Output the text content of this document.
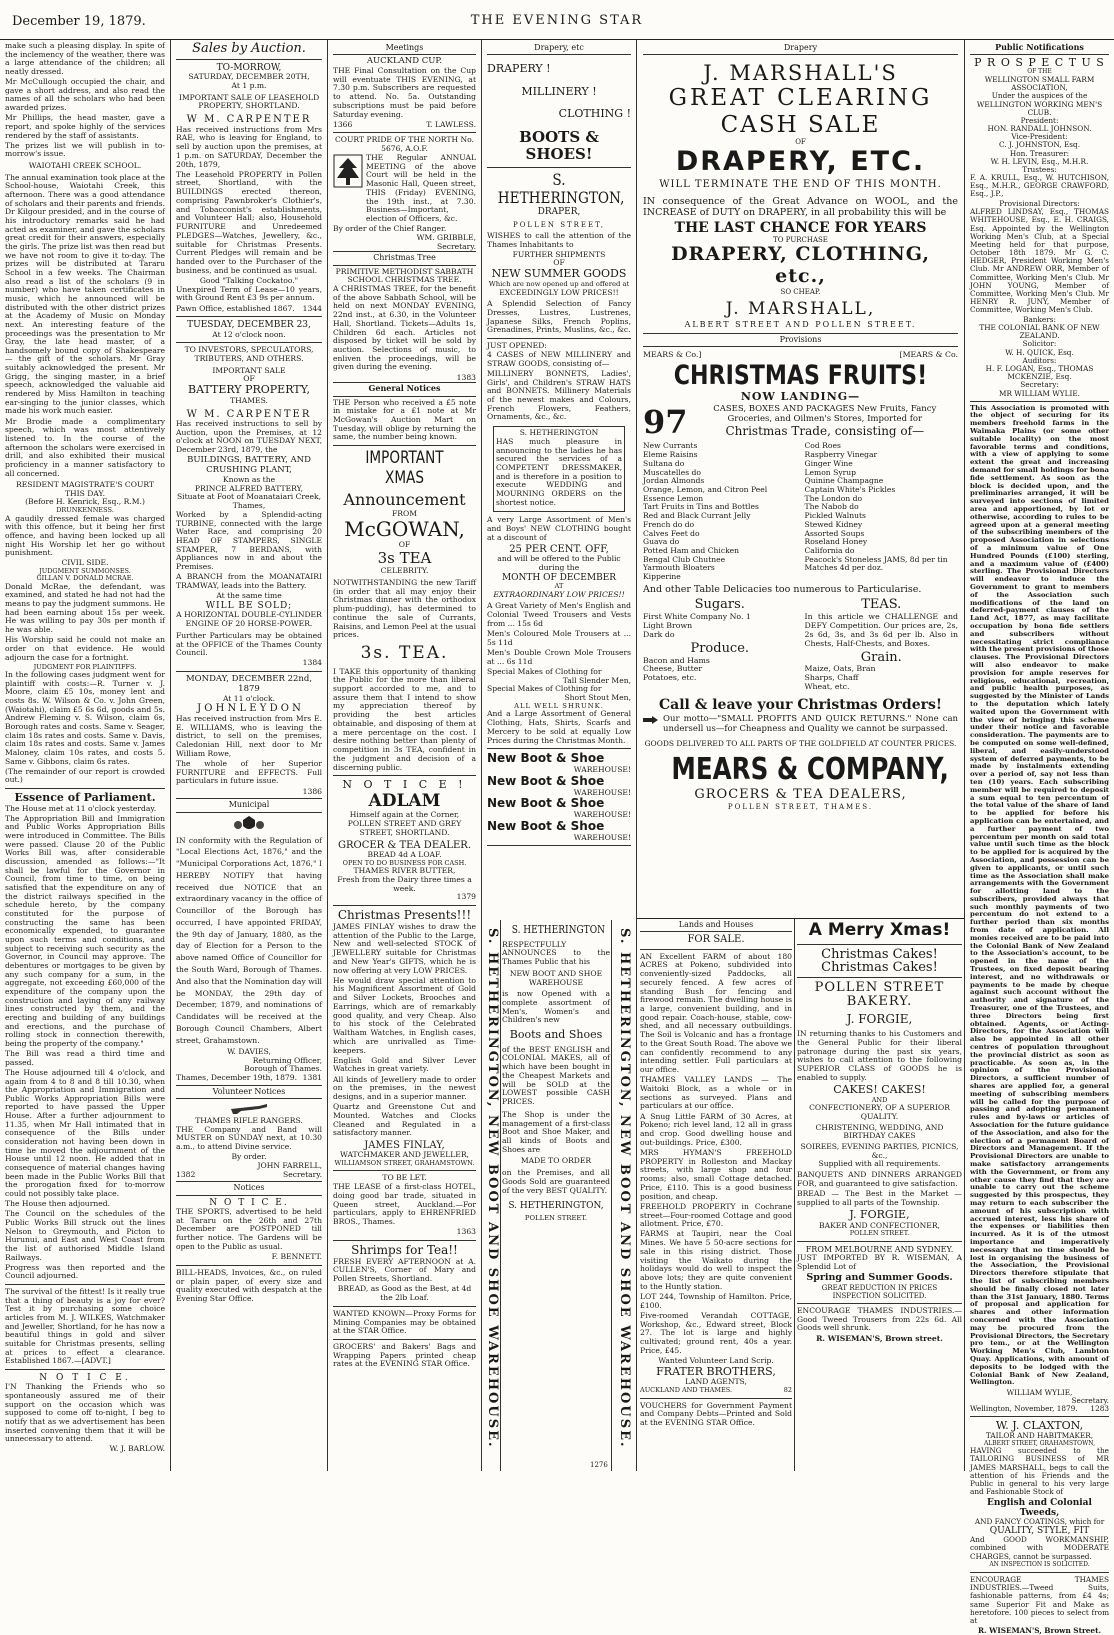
December 19, 1879.	THE EVENING STAR

make such a pleasing display. In spite of the inclemency of the weather, there was a large attendance of the children; all neatly dressed.

Mr McCullough occupied the chair, and gave a short address, and also read the names of all the scholars who had been awarded prizes.

Mr Phillips, the head master, gave a report, and spoke highly of the services rendered by the staff of assistants.

The prizes list we will publish in to-morrow's issue.

WAIOTAHI CREEK SCHOOL.

The annual examination took place at the School-house, Waiotahi Creek, this afternoon. There was a good attendance of scholars and their parents and friends. Dr Kilgour presided, and in the course of his introductory remarks said he had acted as examiner, and gave the scholars great credit for their answers, especially the girls. The prize list was then read but we have not room to give it to-day. The prizes will be distributed at Tararu School in a few weeks. The Chairman also read a list of the scholars (9 in number) who have taken certificates in music, which he announced will be distributed with the other district prizes at the Academy of Music on Monday next. An interesting feature of the proceedings was the presentation to Mr Gray, the late head master, of a handsomely bound copy of Shakespeare — the gift of the scholars. Mr Gray suitably acknowledged the present. Mr Grigg, the singing master, in a brief speech, acknowledged the valuable aid rendered by Miss Hamilton in teaching ear-singing to the junior classes, which made his work much easier.

Mr Brodie made a complimentary speech, which was most attentively listened to. In the course of the afternoon the scholars were exercised in drill, and also exhibited their musical proficiency in a manner satisfactory to all concerned.

RESIDENT MAGISTRATE'S COURT
THIS DAY.
(Before H. Kenrick, Esq., R.M.)
DRUNKENNESS.

A gaudily dressed female was charged with this offence, but it being her first offence, and having been locked up all night His Worship let her go without punishment.

CIVIL SIDE.
JUDGMENT SUMMONSES.
GILLAN V. DONALD MCRAE.

Donald McRae, the defendant, was examined, and stated he had not had the means to pay the judgment summons. He had been earning about 15s per week. He was willing to pay 30s per month if he was able.

His Worship said he could not make an order on that evidence. He would adjourn the case for a fortnight.

JUDGMENT FOR PLAINTIFFS.

In the following cases judgment went for plaintiff with costs:—R. Turner v. J. Moore, claim £5 10s, money lent and costs 8s. W. Wilson & Co. v. John Green, (Waiotahi), claim £5 6s 6d, goods and 5s. Andrew Fleming v. S. Wilson, claim 6s, Borough rates and costs. Same v. Seager, claim 18s rates and costs. Same v. Davis, claim 18s rates and costs. Same v. James Maloney, claim 10s rates, and costs 5. Same v. Gibbons, claim 6s rates.

(The remainder of our report is crowded out.)

Essence of Parliament.

The House met at 11 o'clock yesterday.

The Appropriation Bill and Immigration and Public Works Appropriation Bills were introduced in Committee. The Bills were passed. Clause 20 of the Public Works Bill was, after considerable discussion, amended as follows:—"It shall be lawful for the Governor in Council, from time to time, on being satisfied that the expenditure on any of the district railways specified in the schedule hereto, by the company constituted for the purpose of constructing the same has been economically expended, to guarantee upon such terms and conditions, and subject to receiving such security as the Governor, in Council may approve. The debentures or mortgages to be given by any such company for a sum, in the aggregate, not exceeding £60,000 of the expenditure of the company upon the construction and laying of any railway lines constructed by them, and the erecting and building of any buildings and erections, and the purchase of rolling stock in connection therewith, being the property of the company."

The Bill was read a third time and passed.

The House adjourned till 4 o'clock, and again from 4 to 8 and 8 till 10.30, when the Appropriation and Immigration and Public Works Appropriation Bills were reported to have passed the Upper House. After a further adjournment to 11.35, when Mr Hall intimated that in consequence of the Bills under consideration not having been down in time he moved the adjournment of the House until 12 noon. He added that in consequence of material changes having been made in the Public Works Bill that the prorogation fixed for to-morrow could not possibly take place.

The House then adjourned.

The Council on the schedules of the Public Works Bill struck out the lines Nelson to Greymouth, and Picton to Hurunui, and East and West Coast from the list of authorised Middle Island Railways.

Progress was then reported and the Council adjourned.

The survival of the fittest! Is it really true that a thing of beauty is a joy for ever? Test it by purchasing some choice articles from M. J. WILKES, Watchmaker and Jeweller, Shortland, for he has now a beautiful things in gold and silver suitable for Christmas presents, selling at prices to effect a clearance. Established 1867.—[ADVT.]

N O T I C E.

I'N Thanking the Friends who so spontaneously assured me of their support on the occasion which was supposed to come off to-night, I beg to notify that as we advertisement has been inserted convening them that it will be unnecessary to attend.

W. J. BARLOW.
Sales by Auction.
TO-MORROW,
SATURDAY, DECEMBER 20TH,
At 1 p.m.
IMPORTANT SALE OF LEASEHOLD PROPERTY, SHORTLAND.
W M. CARPENTER

Has received instructions from Mrs RAE, who is leaving for England, to sell by auction upon the premises, at 1 p.m. on SATURDAY, December the 20th, 1879,

The Leasehold PROPERTY in Pollen street, Shortland, with the BUILDINGS erected thereon, comprising Pawnbroker's Clothier's, and Tobacconist's establishments, and Volunteer Hall; also, Household FURNITURE and Unredeemed PLEDGES—Watches, Jewellery, &c., suitable for Christmas Presents. Current Pledges will remain and be handed over to the Purchaser of the business, and be continued as usual.

Good "Talking Cockatoo."

Unexpired Term of Lease—10 years, with Ground Rent £3 9s per annum.

Pawn Office, established 1867. 1344
TUESDAY, DECEMBER 23,
At 12 o'clock noon.
TO INVESTORS, SPECULATORS, TRIBUTERS, AND OTHERS.
IMPORTANT SALE
OF
BATTERY PROPERTY,
THAMES.
W M. CARPENTER

Has received instructions to sell by Auction, upon the Premises, at 12 o'clock at NOON on TUESDAY NEXT, December 23rd, 1879, the

BUILDINGS, BATTERY, AND CRUSHING PLANT,
Known as the
PRINCE ALFRED BATTERY,
Situate at Foot of Moanataiari Creek, Thames,

Worked by a Splendid-acting TURBINE, connected with the large Water Race, and comprising 20 HEAD OF STAMPERS, SINGLE STAMPER, 7 BERDANS, with Appliances now in and about the Premises.

A BRANCH from the MOANATAIRI TRAMWAY, leads into the Battery.

At the same time
WILL BE SOLD;
A HORIZONTAL DOUBLE-CYLINDER ENGINE OF 20 HORSE-POWER.

Further Particulars may be obtained at the OFFICE of the Thames County Council.

1384
MONDAY, DECEMBER 22nd, 1879
At 11 o'clock.
J O H N L E Y D O N

Has received instruction from Mrs E. E. WILLIAMS, who is leaving the district, to sell on the premises, Caledonian Hill, next door to Mr William Rowe,

The whole of her Superior FURNITURE and EFFECTS. Full particulars in future issue.

1386
Municipal

IN conformity with the Regulation of "Local Elections Act, 1876," and the "Municipal Corporations Act, 1876," I HEREBY NOTIFY that having received due NOTICE that an extraordinary vacancy in the office of Councillor of the Borough has occurred, I have appointed FRIDAY, the 9th day of January, 1880, as the day of Election for a Person to the above named Office of Councillor for the South Ward, Borough of Thames. And also that the Nomination day will be MONDAY, the 29th day of December, 1879, and nominations of Candidates will be received at the Borough Council Chambers, Albert street, Grahamstown.

W. DAVIES,
Returning Officer,
Borough of Thames.
Thames, December 19th, 1879. 1381
Volunteer Notices
THAMES RIFLE RANGERS.

THE Company and Band will MUSTER on SUNDAY next, at 10.30 a.m., to attend Divine service.

By order.
JOHN FARRELL,
1382	Secretary.
Notices
N O T I C E.

THE SPORTS, advertised to be held at Tararu on the 26th and 27th December are POSTPONED till further notice. The Gardens will be open to the Public as usual.

F. BENNETT.

BILL-HEADS, Invoices, &c., on ruled or plain paper, of every size and quality executed with despatch at the Evening Star Office.

Meetings
AUCKLAND CUP.

THE Final Consultation on the Cup will eventuate THIS EVENING, at 7.30 p.m. Subscribers are requested to attend. No. 5a. Outstanding subscriptions must be paid before Saturday evening.

1366	T. LAWLESS.
COURT PRIDE OF THE NORTH No. 5676, A.O.F.

THE Regular ANNUAL MEETING of the above Court will be held in the Masonic Hall, Queen street, THIS (Friday) EVENING, the 19th inst., at 7.30. Business—Important, election of Officers, &c.

By order of the Chief Ranger.
WM. GRIBBLE,
Secretary.
Christmas Tree
PRIMITIVE METHODIST SABBATH SCHOOL CHRISTMAS TREE.

A CHRISTMAS TREE, for the benefit of the above Sabbath School, will be held on next MONDAY EVENING, 22nd inst., at 6.30, in the Volunteer Hall, Shortland. Tickets—Adults 1s, Children 6d each. Articles not disposed by ticket will be sold by auction. Selections of music, to enliven the proceedings, will be given during the evening.

1383
General Notices

THE Person who received a £5 note in mistake for a £1 note at Mr McGowan's Auction Mart on Tuesday, will oblige by returning the same, the number being known.

IMPORTANT XMAS
Announcement
FROM
McGOWAN,
OF
3s TEA
CELEBRITY.

NOTWITHSTANDING the new Tariff (in order that all may enjoy their Christmas dinner with the orthodox plum-pudding), has determined to continue the sale of Currants, Raisins, and Lemon Peel at the usual prices.

3s. TEA.

I TAKE this opportunity of thanking the Public for the more than liberal support accorded to me, and to assure them that I intend to show my appreciation thereof by providing the best articles obtainable, and disposing of them at a mere percentage on the cost. I desire nothing better than plenty of competition in 3s TEA, confident in the judgment and decision of a discerning public.

N O T I C E !
ADLAM
Himself again at the Corner, POLLEN STREET AND GREY STREET, SHORTLAND.
GROCER & TEA DEALER.
BREAD 4d A LOAF.
OPEN TO DO BUSINESS FOR CASH.
THAMES RIVER BUTTER,
Fresh from the Dairy three times a week.
1379
Christmas Presents!!!

JAMES FINLAY wishes to draw the attention of the Public to the Large, New and well-selected STOCK of JEWELLERY suitable for Christmas and New Year's GIFTS, which he is now offering at very LOW PRICES.

He would draw special attention to his Magnificent Assortment of Gold and Silver Lockets, Brooches and Earrings, which are of remarkably good quality, and very Cheap. Also to his stock of the Celebrated Waltham Watches, in English cases, which are unrivalled as Time-keepers.

English Gold and Silver Lever Watches in great variety.

All kinds of Jewellery made to order on the premises, in the newest designs, and in a superior manner.

Quartz and Greenstone Cut and Mounted. Watches and Clocks Cleaned and Regulated in a satisfactory manner.

JAMES FINLAY,
WATCHMAKER AND JEWELLER,
WILLIAMSON STREET, GRAHAMSTOWN.
TO BE LET.

THE LEASE of a first-class HOTEL, doing good bar trade, situated in Queen street, Auckland.—For particulars, apply to EHRENFRIED BROS., Thames.

1363
Shrimps for Tea!!

FRESH EVERY AFTERNOON at A. CULLEN'S, Corner of Mary and Pollen Streets, Shortland.

BREAD, as Good as the Best, at 4d the 2lb Loaf.

WANTED KNOWN—Proxy Forms for Mining Companies may be obtained at the STAR Office.

GROCERS' and Bakers' Bags and Wrapping Papers printed cheap rates at the EVENING STAR Office.

Drapery, etc
DRAPERY !
MILLINERY !
CLOTHING !
BOOTS & SHOES!
S. HETHERINGTON,
DRAPER,
POLLEN STREET,

WISHES to call the attention of the Thames Inhabitants to

FURTHER SHIPMENTS
OF
NEW SUMMER GOODS
Which are now opened up and offered at
EXCEEDINGLY LOW PRICES!!

A Splendid Selection of Fancy Dresses, Lustres, Lustrenes, Japanese Silks, French Poplins, Grenadines, Prints, Muslins, &c., &c.

JUST OPENED:

4 CASES of NEW MILLINERY and STRAW GOODS, consisting of—

MILLINERY BONNETS, Ladies', Girls', and Children's STRAW HATS and BONNETS. Millinery Materials of the newest makes and Colours, French Flowers, Feathers, Ornaments, &c., &c.

S. HETHERINGTON

HAS much pleasure in announcing to the ladies he has secured the services of a COMPETENT DRESSMAKER, and is therefore in a position to execute WEDDING and MOURNING ORDERS on the shortest notice.

A very Large Assortment of Men's and Boys' NEW CLOTHING bought at a discount of

25 PER CENT. OFF,
and will be offered to the Public during the
MONTH OF DECEMBER
AT
EXTRAORDINARY LOW PRICES!!

A Great Variety of Men's English and Colonial Tweed Trousers and Vests from ... 15s 6d

Men's Coloured Mole Trousers at ... 5s 11d

Men's Double Crown Mole Trousers at ... 6s 11d

Special Makes of Clothing for
Tall Slender Men,
Special Makes of Clothing for
Short Stout Men,
ALL WELL SHRUNK.

And a Large Assortment of General Clothing, Hats, Shirts, Scarfs and Mercery to be sold at equally Low Prices during the Christmas Month.

New Boot & Shoe
WAREHOUSE!
New Boot & Shoe
WAREHOUSE!
New Boot & Shoe
WAREHOUSE!
New Boot & Shoe
WAREHOUSE!
S. HETHERINGTON, NEW BOOT AND SHOE WAREHOUSE. S. HETHERINGTON

RESPECTFULLY ANNOUNCES to the Thames Public that his

NEW BOOT AND SHOE WAREHOUSE

is now Opened with a complete assortment of Men's, Women's and Children's new

Boots and Shoes

of the BEST ENGLISH and COLONIAL MAKES, all of which have been bought in the Cheapest Markets and will be SOLD at the LOWEST possible CASH PRICES.

The Shop is under the management of a first-class Boot and Shoe Maker, and all kinds of Boots and Shoes are

MADE TO ORDER

on the Premises, and all Goods Sold are guaranteed of the very BEST QUALITY.

S. HETHERINGTON,
POLLEN STREET.	S. HETHERINGTON, NEW BOOT AND SHOE WAREHOUSE.
1276
Drapery
J. MARSHALL'S
GREAT CLEARING
CASH SALE
OF
DRAPERY, ETC.
WILL TERMINATE THE END OF THIS MONTH.

IN consequence of the Great Advance on WOOL, and the INCREASE of DUTY on DRAPERY, in all probability this will be

THE LAST CHANCE FOR YEARS
TO PURCHASE
DRAPERY, CLOTHING, etc.,
SO CHEAP.
J. MARSHALL,
ALBERT STREET AND POLLEN STREET.
Provisions
MEARS & Co.]	[MEARS & Co.
CHRISTMAS FRUITS!
NOW LANDING—
97	CASES, BOXES AND PACKAGES New Fruits, Fancy Groceries, and Oilmen's Stores, Imported for
Christmas Trade, consisting of—
New Currants
Eleme Raisins
Sultana do
Muscatelles do
Jordan Almonds
Orange, Lemon, and Citron Peel
Essence Lemon
Tart Fruits in Tins and Bottles
Red and Black Currant Jelly
French do do
Calves Feet do
Guava do
Potted Ham and Chicken
Bengal Club Chutnee
Yarmouth Bloaters
Kipperine
Cod Roes
Raspberry Vinegar
Ginger Wine
Lemon Syrup
Quinine Champagne
Captain White's Pickles
The London do
The Nabob do
Pickled Walnuts
Stewed Kidney
Assorted Soups
Roseland Honey
California do
Peacock's Stoneless JAMS, 8d per tin
Matches 4d per doz.
And other Table Delicacies too numerous to Particularise.
Sugars.
First White Company No. 1
Light Brown
Dark do
Produce.
Bacon and Hams
Cheese, Butter
Potatoes, etc.
TEAS.

In this article we CHALLENGE and DEFY Competition. Our prices are, 2s, 2s 6d, 3s, and 3s 6d per lb. Also in Chests, Half-Chests, and Boxes.

Grain.
Maize, Oats, Bran
Sharps, Chaff
Wheat, etc.
Call & leave your Christmas Orders!

Our motto—"SMALL PROFITS AND QUICK RETURNS." None can undersell us—for Cheapness and Quality we cannot be surpassed.

GOODS DELIVERED TO ALL PARTS OF THE GOLDFIELD AT COUNTER PRICES.
MEARS & COMPANY,
GROCERS & TEA DEALERS,
POLLEN STREET, THAMES.
Lands and Houses
FOR SALE.

AN Excellent FARM of about 180 ACRES at Pokeno, subdivided into conveniently-sized Paddocks, all securely fenced. A few acres of standing Bush for fencing and firewood remain. The dwelling house is a large, convenient building, and in good repair. Coach-house, stable, cow-shed, and all necessary outbuildings. The Soil is Volcanic and has a frontage to the Great South Road. The above we can confidently recommend to any intending settler. Full particulars at our office.

THAMES VALLEY LANDS — The Waitoki Block, as a whole or in sections as surveyed. Plans and particulars at our office.

A Snug Little FARM of 30 Acres, at Pokeno; rich level land, 12 all in grass and crop. Good dwelling house and out-buildings. Price, £300.

MRS HYMAN'S FREEHOLD PROPERTY in Rolleston and Mackay streets, with large shop and four rooms; also, small Cottage detached. Price, £110. This is a good business position, and cheap.

FREEHOLD PROPERTY in Cochrane street—Four-roomed Cottage and good allotment. Price, £70.

FARMS at Taupiri, near the Coal Mines. We have 5 50-acre sections for sale in this rising district. Those visiting the Waikato during the holidays would do well to inspect the above lots; they are quite convenient to the Huntly station.

LOT 244, Township of Hamilton. Price, £100.

Five-roomed Verandah COTTAGE, Workshop, &c., Edward street, Block 27. The lot is large and highly cultivated; ground rent, 40s a year. Price, £45.

Wanted Volunteer Land Scrip.
FRATER BROTHERS,
LAND AGENTS,
AUCKLAND AND THAMES.	82

VOUCHERS for Government Payment and Company Debts—Printed and Sold at the EVENING STAR Office.

A Merry Xmas!
Christmas Cakes!
Christmas Cakes!
POLLEN STREET BAKERY.
J. FORGIE,

IN returning thanks to his Customers and the General Public for their liberal patronage during the past six years, wishes to call attention to the following SUPERIOR CLASS of GOODS he is enabled to supply.

CAKES! CAKES!
AND
CONFECTIONERY, OF A SUPERIOR QUALITY.
CHRISTENING, WEDDING, AND BIRTHDAY CAKES
SOIREES, EVENING PARTIES, PICNICS, &c.,
Supplied with all requirements.

BANQUETS AND DINNERS ARRANGED FOR, and guaranteed to give satisfaction.

BREAD — The Best in the Market — supplied to all parts of the Township.

J. FORGIE,
BAKER AND CONFECTIONER,
POLLEN STREET.
FROM MELBOURNE AND SYDNEY.

JUST IMPORTED BY R. WISEMAN, A Splendid Lot of

Spring and Summer Goods.
GREAT REDUCTION IN PRICES
INSPECTION SOLICITED.

ENCOURAGE THAMES INDUSTRIES.—Good Tweed Trousers from 22s 6d. All Goods well shrunk.

R. WISEMAN'S, Brown street.
Public Notifications
P R O S P E C T U S
OF THE
WELLINGTON SMALL FARM ASSOCIATION,
Under the auspices of the
WELLINGTON WORKING MEN'S CLUB.
President:
HON. RANDALL JOHNSON.
Vice-President:
C. J. JOHNSTON, Esq.
Hon. Treasurer:
W. H. LEVIN, Esq., M.H.R.
Trustees:

F. A. KRULL, Esq., W. HUTCHISON, Esq., M.H.R., GEORGE CRAWFORD, Esq., J.P.,

Provisional Directors:

ALFRED LINDSAY, Esq., THOMAS WHITEHOUSE, Esq., E. H. CRAIGS, Esq. Appointed by the Wellington Working Men's Club, at a Special Meeting held for that purpose, October 18th 1879. Mr G. C. HEDGER, President Working Men's Club. Mr ANDREW ORR, Member of Committee, Working Men's Club. Mr JOHN YOUNG, Member of Committee, Working Men's Club. Mr HENRY R. JUNY, Member of Committee, Working Men's Club.

Bankers:
THE COLONIAL BANK OF NEW ZEALAND.
Solicitor:
W. H. QUICK, Esq.
Auditors:
H. F. LOGAN, Esq., THOMAS MCKENZIE, Esq.
Secretary:
MR WILLIAM WYLIE.

This Association is promoted with the object of securing for its members freehold farms in the Waimaka Plains (or some other suitable locality) on the most favorable terms and conditions, with a view of applying to some extent the great and increasing demand for small holdings for bona fide settlement. As soon as the block is decided upon, and the preliminaries arranged, it will be surveyed into sections of limited area and apportioned, by lot or otherwise, according to rules to be agreed upon at a general meeting of the subscribing members of the proposed Association in selections of a minimum value of One Hundred Pounds (£100) sterling, and a maximum value of (£400) sterling. The Provisional Directors will endeavor to induce the Government to grant to members of the Association such modifications of the land on deferred-payment clauses of the Land Act, 1877, as may facilitate occupation by bona fide settlers and subscribers without necessitating strict compliance with the present provisions of those clauses. The Provisional Directors will also endeavor to make provision for ample reserves for religious, educational, recreation, and public health purposes, as suggested by the Minister of Lands to the deputation which lately waited upon the Government with the view of bringing this scheme under their notice and favorable consideration. The payments are to be computed on some well-defined, liberal, and easily-understood system of deferred payments, to be made by instalments extending over a period of, say not less than ten (10) years. Each subscribing member will be required to deposit a sum equal to ten percentum of the total value of the share of land to be applied for before his application can be entertained, and a further payment of two percentum per month on said total value until such time as the block to be applied for is acquired by the Association, and possession can be given to applicants, or until such time as the Association shall make arrangements with the Government for allotting land to the subscribers, provided always that such monthly payments of two percentum do not extend to a further period than six months from date of application. All monies received are to be paid into the Colonial Bank of New Zealand to the Association's account, to be opened in the name of the Trustees, on fixed deposit bearing interest, and no withdrawals or payments to be made by cheque against such account without the authority and signature of the Treasurer, one of the Trustees, and three Directors being first obtained. Agents, or Acting-Directors, for the Association will also be appointed in all other centres of population throughout the provincial district as soon as practicable. As soon as, in the opinion of the Provisional Directors, a sufficient number of shares are applied for, a general meeting of subscribing members will be called for the purpose of passing and adopting permanent rules and by-laws or articles of Association for the future guidance of the Association, and also for the election of a permanent Board of Directors and Management. If the Provisional Directors are unable to make satisfactory arrangements with the Government, or from any other cause they find that they are unable to carry out the scheme suggested by this prospectus, they may return to each subscriber the amount of his subscription with accrued interest, less his share of the expenses or liabilities then incurred. As it is of the utmost importance and imperatively necessary that no time should be lost in organising the business of the Association, the Provisional Directors therefore stipulate that the list of subscribing members should be finally closed not later than the 31st January, 1880. Terms of proposal and application for shares and other information concerned with the Association may be procured from the Provisional Directors, the Secretary pro tem., or at the Wellington Working Men's Club, Lambton Quay. Applications, with amount of deposits to be lodged with the Colonial Bank of New Zealand, Wellington.

WILLIAM WYLIE,
Secretary.
Wellington, November, 1879. 1283
W. J. CLAXTON,
TAILOR AND HABITMAKER,
ALBERT STREET, GRAHAMSTOWN,

HAVING succeeded to the TAILORING BUSINESS of MR JAMES MARSHALL, begs to call the attention of his Friends and the Public in general to his very large and Fashionable Stock of

English and Colonial Tweeds,
AND FANCY COATINGS, which for
QUALITY, STYLE, FIT

And GOOD WORKMANSHIP, combined with MODERATE CHARGES, cannot be surpassed.

AN INSPECTION IS SOLICITED.

ENCOURAGE THAMES INDUSTRIES.—Tweed Suits, fashionable patterns, from £4 4s; same Superior Fit and Make as heretofore. 100 pieces to select from at

R. WISEMAN'S, Brown Street.
